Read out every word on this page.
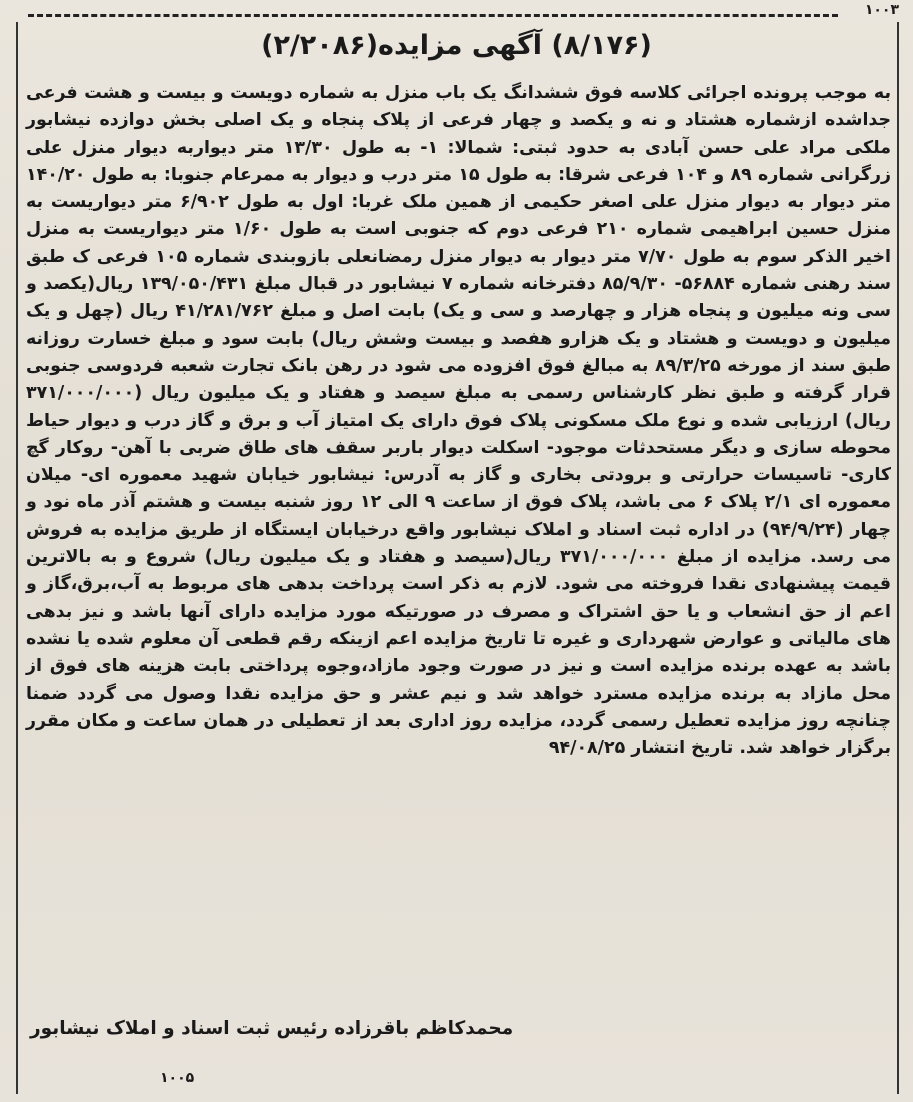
۱۰۰۳
(۸/۱۷۶) آگهی مزایده(۲/۲۰۸۶)
به موجب پرونده اجرائی کلاسه فوق ششدانگ یک باب منزل به شماره دویست و بیست و هشت فرعی جداشده ازشماره هشتاد و نه و یکصد و چهار فرعی از پلاک پنجاه و یک اصلی بخش دوازده نیشابور ملکی مراد علی حسن آبادی به حدود ثبتی: شمالا: ۱- به طول ۱۳/۳۰ متر دیواربه دیوار منزل علی زرگرانی شماره ۸۹ و ۱۰۴ فرعی شرقا: به طول ۱۵ متر درب و دیوار به ممرعام جنوبا: به طول ۱۴۰/۲۰ متر دیوار به دیوار منزل علی اصغر حکیمی از همین ملک غربا: اول به طول ۶/۹۰۲ متر دیواریست به منزل حسین ابراهیمی شماره ۲۱۰ فرعی دوم که جنوبی است به طول ۱/۶۰ متر دیواریست به منزل اخیر الذکر سوم به طول ۷/۷۰ متر دیوار به دیوار منزل رمضانعلی بازوبندی شماره ۱۰۵ فرعی ک طبق سند رهنی شماره ۵۶۸۸۴- ۸۵/۹/۳۰ دفترخانه شماره ۷ نیشابور در قبال مبلغ ۱۳۹/۰۵۰/۴۳۱ ریال(یکصد و سی ونه میلیون و پنجاه هزار و چهارصد و سی و یک) بابت اصل و مبلغ ۴۱/۲۸۱/۷۶۲ ریال (چهل و یک میلیون و دویست و هشتاد و یک هزارو هفصد و بیست وشش ریال) بابت سود و مبلغ خسارت روزانه طبق سند از مورخه ۸۹/۳/۲۵ به مبالغ فوق افزوده می شود در رهن بانک تجارت شعبه فردوسی جنوبی قرار گرفته و طبق نظر کارشناس رسمی به مبلغ سیصد و هفتاد و یک میلیون ریال (۳۷۱/۰۰۰/۰۰۰ ریال) ارزیابی شده و نوع ملک مسکونی پلاک فوق دارای یک امتیاز آب و برق و گاز درب و دیوار حیاط محوطه سازی و دیگر مستحدثات موجود- اسکلت دیوار باربر سقف های طاق ضربی با آهن- روکار گچ کاری- تاسیسات حرارتی و برودتی بخاری و گاز به آدرس: نیشابور خیابان شهید معموره ای- میلان معموره ای ۲/۱ پلاک ۶ می باشد، پلاک فوق از ساعت ۹ الی ۱۲ روز شنبه بیست و هشتم آذر ماه نود و چهار (۹۴/۹/۲۴) در اداره ثبت اسناد و املاک نیشابور واقع درخیابان ایستگاه از طریق مزایده به فروش می رسد. مزایده از مبلغ ۳۷۱/۰۰۰/۰۰۰ ریال(سیصد و هفتاد و یک میلیون ریال) شروع و به بالاترین قیمت پیشنهادی نقدا فروخته می شود. لازم به ذکر است پرداخت بدهی های مربوط به آب،برق،گاز و اعم از حق انشعاب و یا حق اشتراک و مصرف در صورتیکه مورد مزایده دارای آنها باشد و نیز بدهی های مالیاتی و عوارض شهرداری و غیره تا تاریخ مزایده اعم ازینکه رقم قطعی آن معلوم شده یا نشده باشد به عهده برنده مزایده است و نیز در صورت وجود مازاد،وجوه پرداختی بابت هزینه های فوق از محل مازاد به برنده مزایده مسترد خواهد شد و نیم عشر و حق مزایده نقدا وصول می گردد ضمنا چنانچه روز مزایده تعطیل رسمی گردد، مزایده روز اداری بعد از تعطیلی در همان ساعت و مکان مقرر برگزار خواهد شد. تاریخ انتشار ۹۴/۰۸/۲۵
محمدکاظم باقرزاده رئیس ثبت اسناد و املاک نیشابور
۱۰۰۵
